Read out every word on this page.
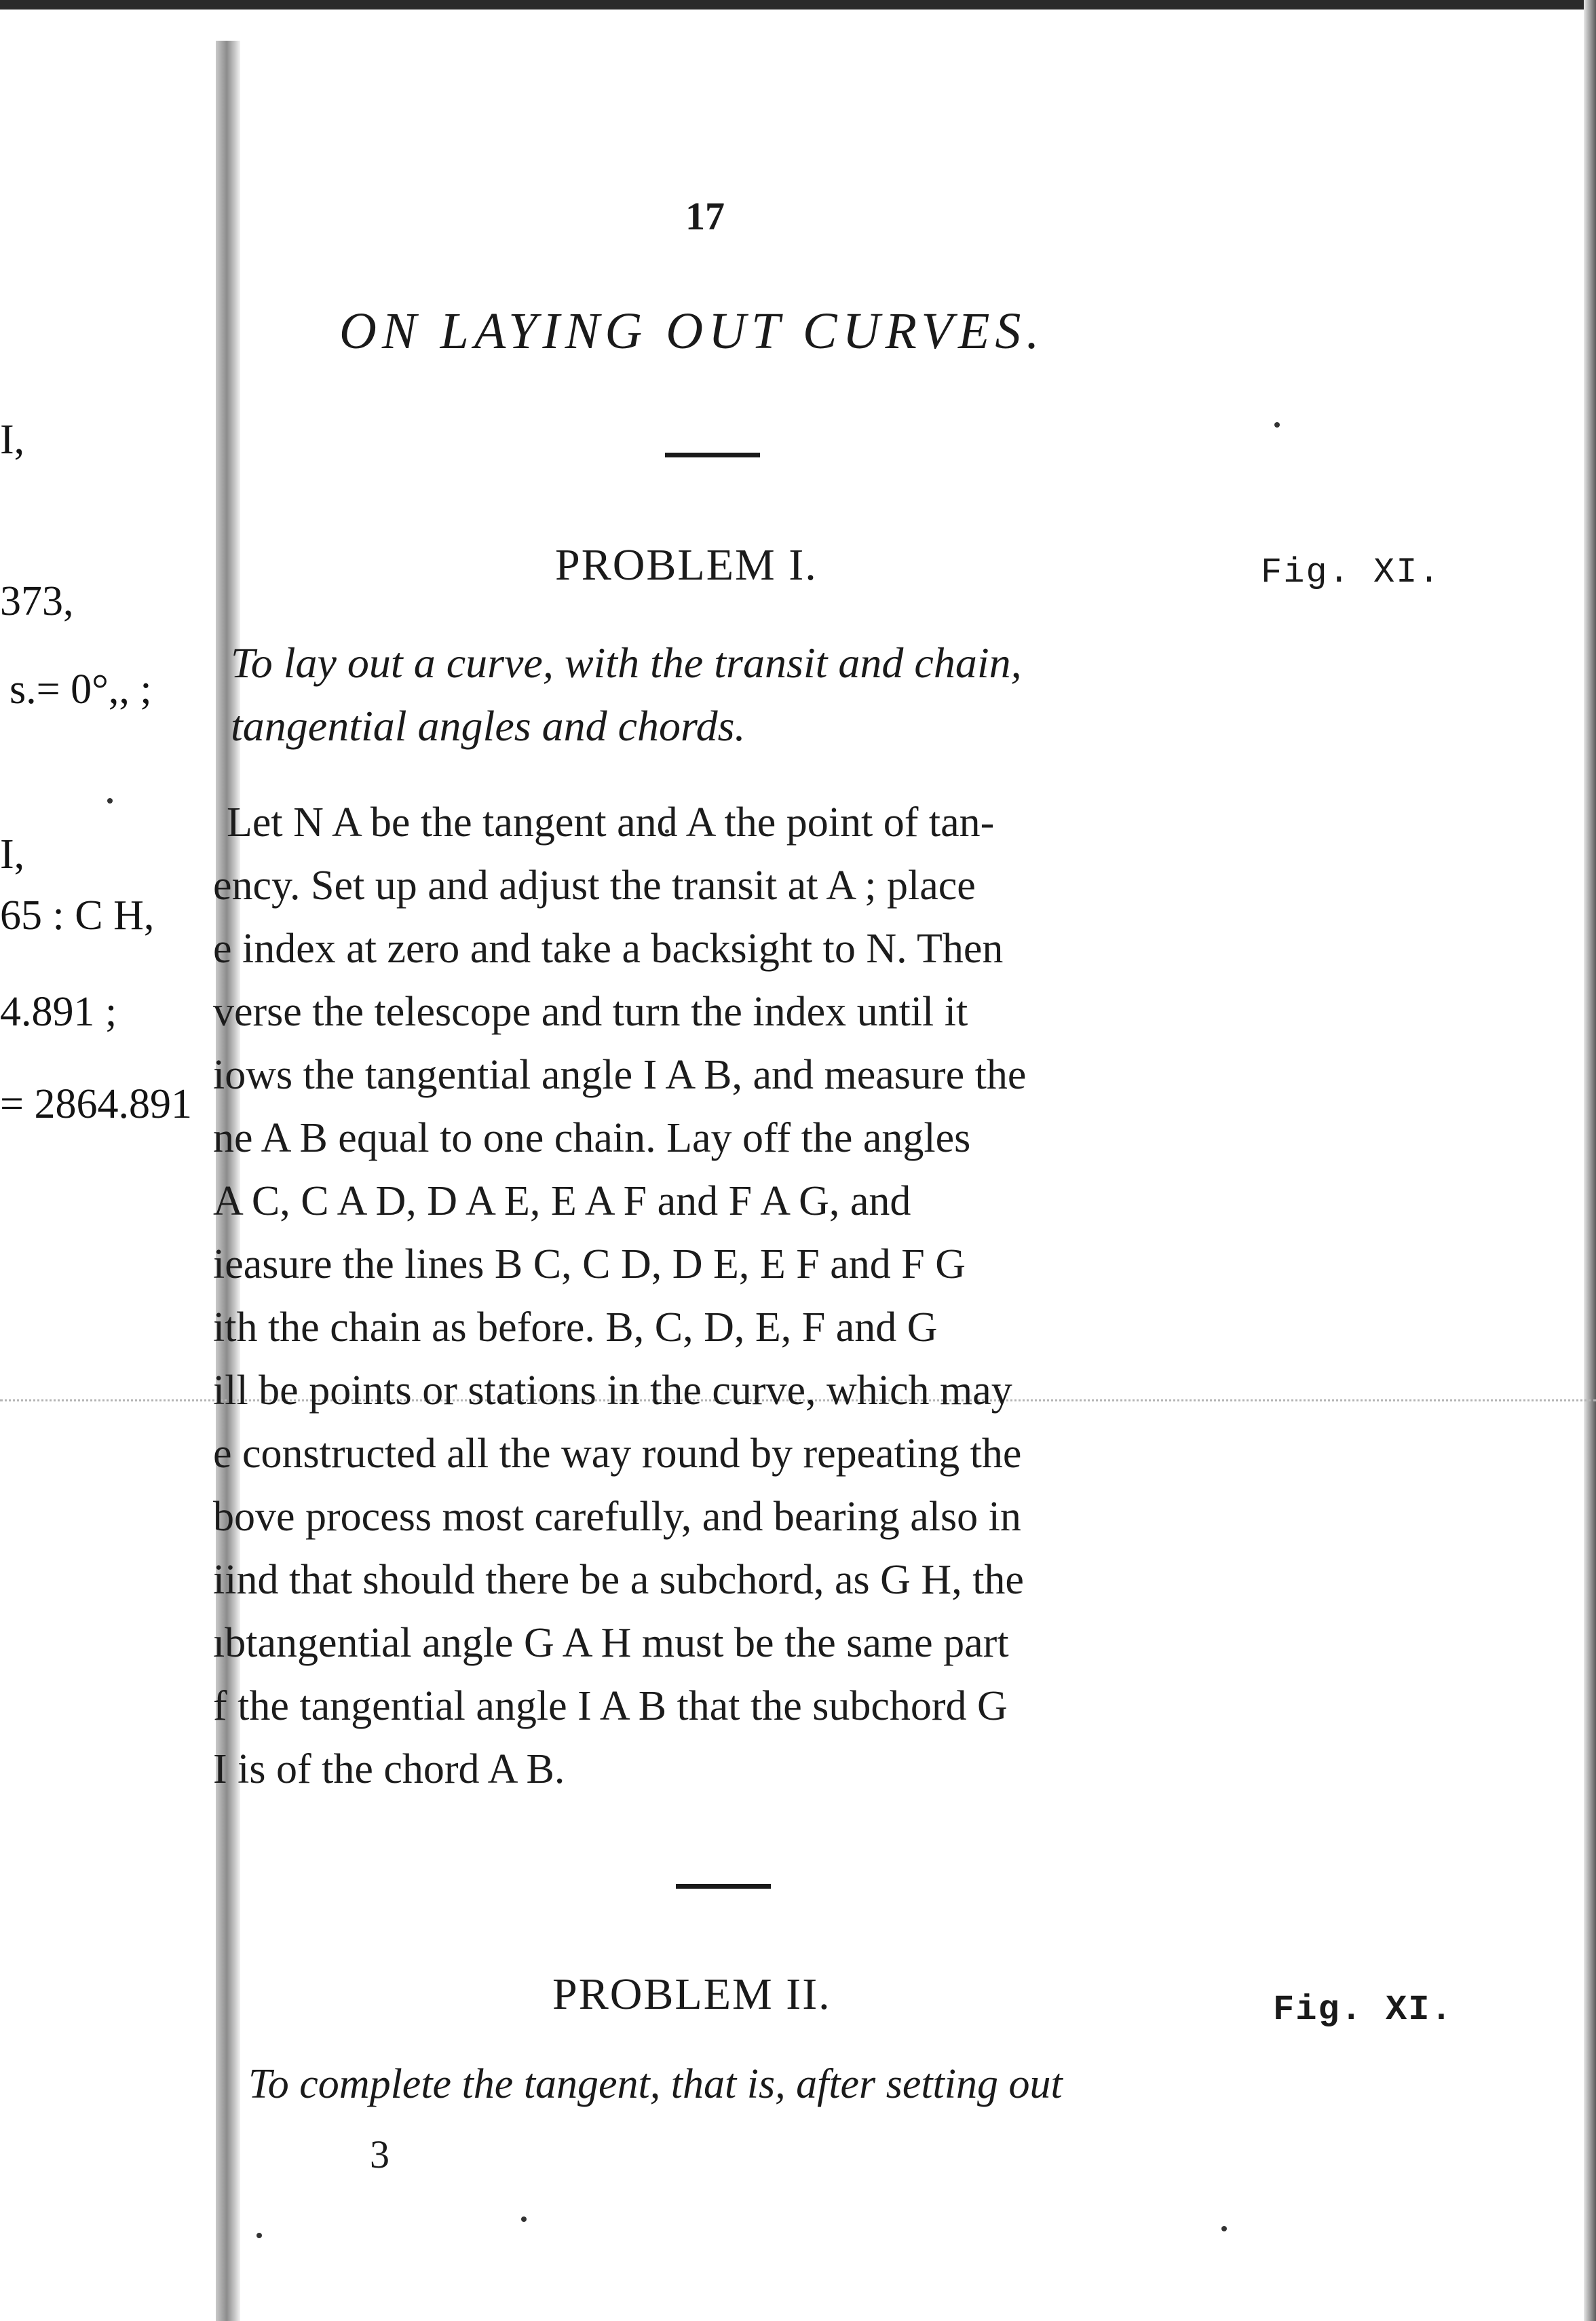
I,
373,
s.= 0°,, ;
I,
65 : C H,
4.891 ;
= 2864.891
17
ON LAYING OUT CURVES.
PROBLEM I.	Fig. XI.
To lay out a curve, with the transit and chain,
tangential angles and chords.
Let N A be the tangent and A the point of tan-
ency. Set up and adjust the transit at A ; place
e index at zero and take a backsight to N. Then
verse the telescope and turn the index until it
iows the tangential angle I A B, and measure the
ne A B equal to one chain. Lay off the angles
A C, C A D, D A E, E A F and F A G, and
ieasure the lines B C, C D, D E, E F and F G
ith the chain as before. B, C, D, E, F and G
ill be points or stations in the curve, which may
e constructed all the way round by repeating the
bove process most carefully, and bearing also in
iind that should there be a subchord, as G H, the
ıbtangential angle G A H must be the same part
f the tangential angle I A B that the subchord G
I is of the chord A B.
PROBLEM II.	Fig. XI.
To complete the tangent, that is, after setting out
3
